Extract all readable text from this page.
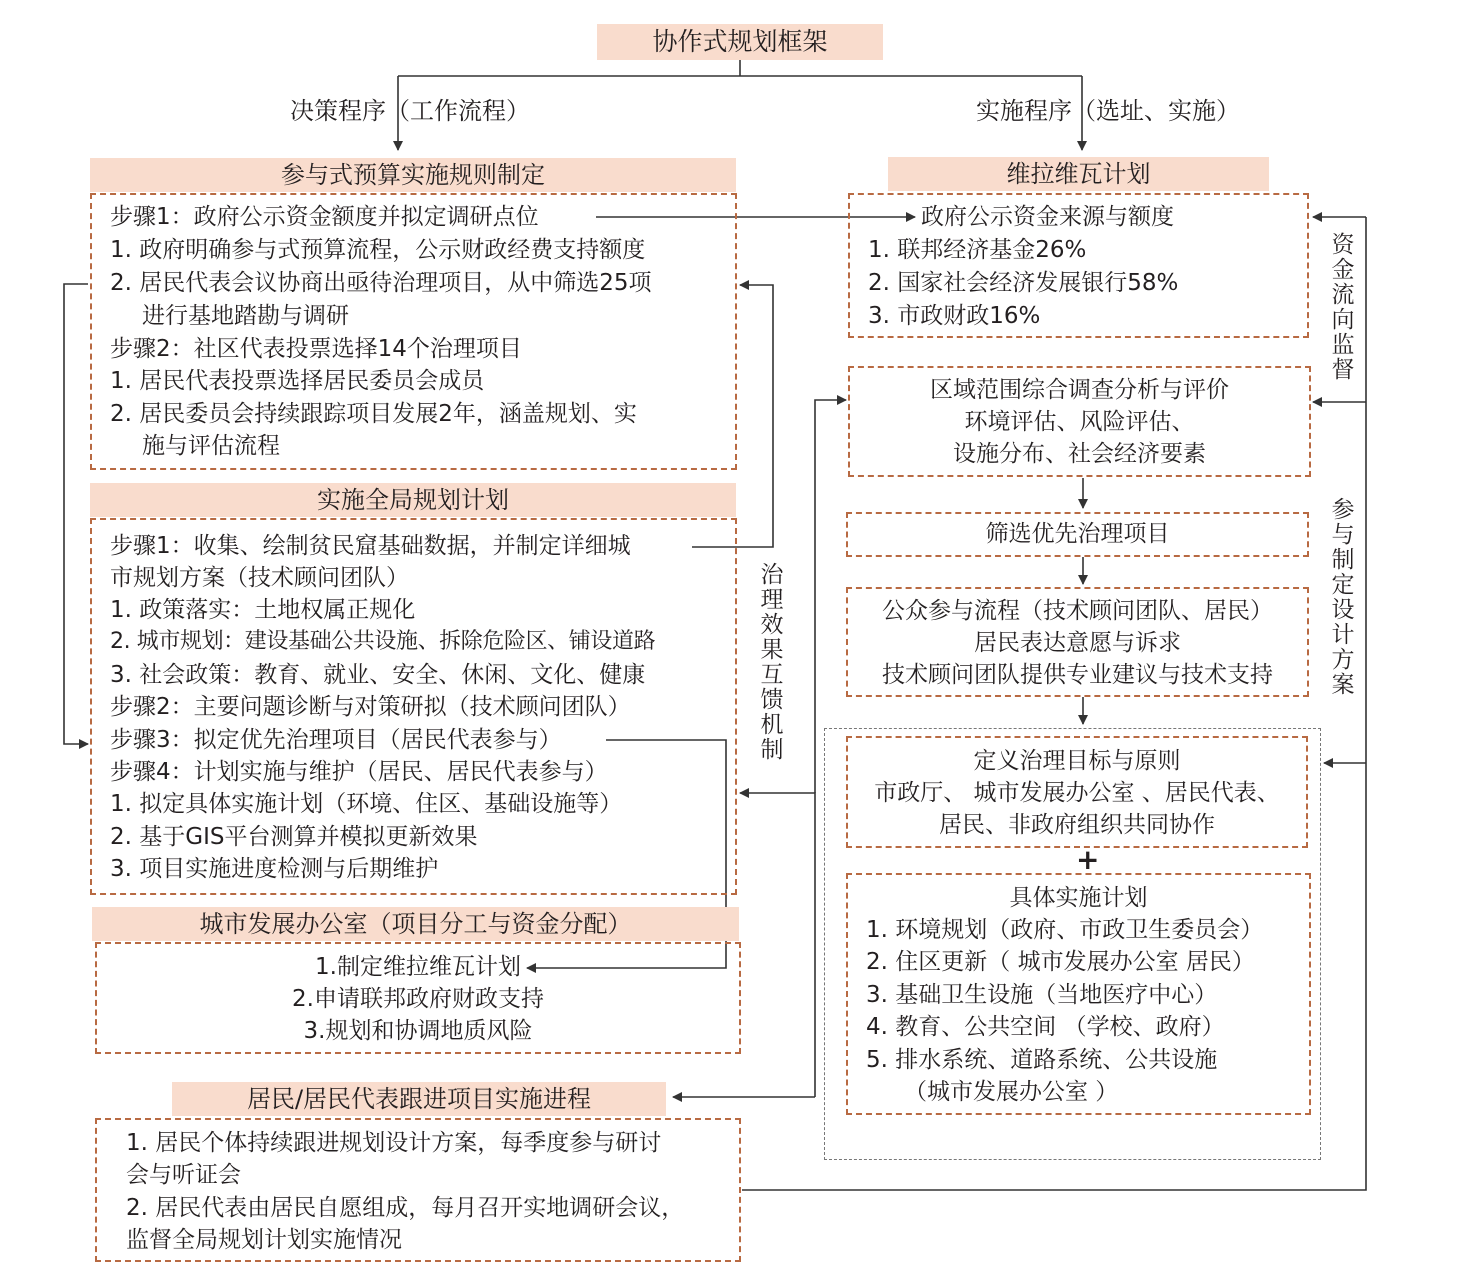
协作式规划框架
决策程序（工作流程）	实施程序（选址、实施）
参与式预算实施规则制定
步骤1：政府公示资金额度并拟定调研点位
1. 政府明确参与式预算流程，公示财政经费支持额度
2. 居民代表会议协商出亟待治理项目，从中筛选25项
进行基地踏勘与调研
步骤2：社区代表投票选择14个治理项目
1. 居民代表投票选择居民委员会成员
2. 居民委员会持续跟踪项目发展2年，涵盖规划、实
施与评估流程
实施全局规划计划
步骤1：收集、绘制贫民窟基础数据，并制定详细城
市规划方案（技术顾问团队）
1. 政策落实：土地权属正规化
2. 城市规划：建设基础公共设施、拆除危险区、铺设道路
3. 社会政策：教育、就业、安全、休闲、文化、健康
步骤2：主要问题诊断与对策研拟（技术顾问团队）
步骤3：拟定优先治理项目（居民代表参与）
步骤4：计划实施与维护（居民、居民代表参与）
1. 拟定具体实施计划（环境、住区、基础设施等）
2. 基于GIS平台测算并模拟更新效果
3. 项目实施进度检测与后期维护
城市发展办公室（项目分工与资金分配）
1.制定维拉维瓦计划
2.申请联邦政府财政支持
3.规划和协调地质风险
居民/居民代表跟进项目实施进程
1. 居民个体持续跟进规划设计方案，每季度参与研讨
会与听证会
2. 居民代表由居民自愿组成，每月召开实地调研会议，
监督全局规划计划实施情况
维拉维瓦计划
政府公示资金来源与额度
1. 联邦经济基金26%
2. 国家社会经济发展银行58%
3. 市政财政16%
区域范围综合调查分析与评价
环境评估、风险评估、
设施分布、社会经济要素
筛选优先治理项目
公众参与流程（技术顾问团队、居民）
居民表达意愿与诉求
技术顾问团队提供专业建议与技术支持
定义治理目标与原则
市政厅、 城市发展办公室 、居民代表、
居民、非政府组织共同协作
+
具体实施计划
1. 环境规划（政府、市政卫生委员会）
2. 住区更新（ 城市发展办公室 居民）
3. 基础卫生设施（当地医疗中心）
4. 教育、公共空间 （学校、政府）
5. 排水系统、道路系统、公共设施
（城市发展办公室 ）
治理效果互馈机制
资金流向监督
参与制定设计方案
